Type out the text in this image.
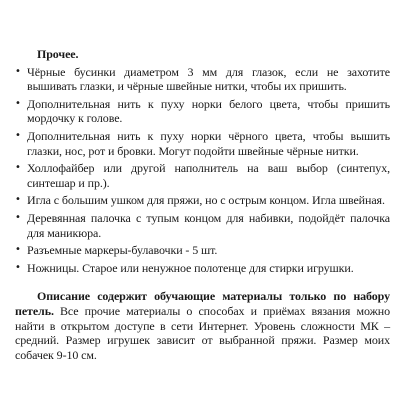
Прочее.

• Чёрные бусинки диаметром 3 мм для глазок, если не захотите вышивать глазки, и чёрные швейные нитки, чтобы их пришить.
• Дополнительная нить к пуху норки белого цвета, чтобы пришить мордочку к голове.
• Дополнительная нить к пуху норки чёрного цвета, чтобы вышить глазки, нос, рот и бровки. Могут подойти швейные чёрные нитки.
• Холлофайбер или другой наполнитель на ваш выбор (синтепух, синтешар и пр.).
• Игла с большим ушком для пряжи, но с острым концом. Игла швейная.
• Деревянная палочка с тупым концом для набивки, подойдёт палочка для маникюра.
• Разъемные маркеры-булавочки - 5 шт.
• Ножницы. Старое или ненужное полотенце для стирки игрушки.

Описание содержит обучающие материалы только по набору петель. Все прочие материалы о способах и приёмах вязания можно найти в открытом доступе в сети Интернет. Уровень сложности МК – средний. Размер игрушек зависит от выбранной пряжи. Размер моих собачек 9-10 см.
